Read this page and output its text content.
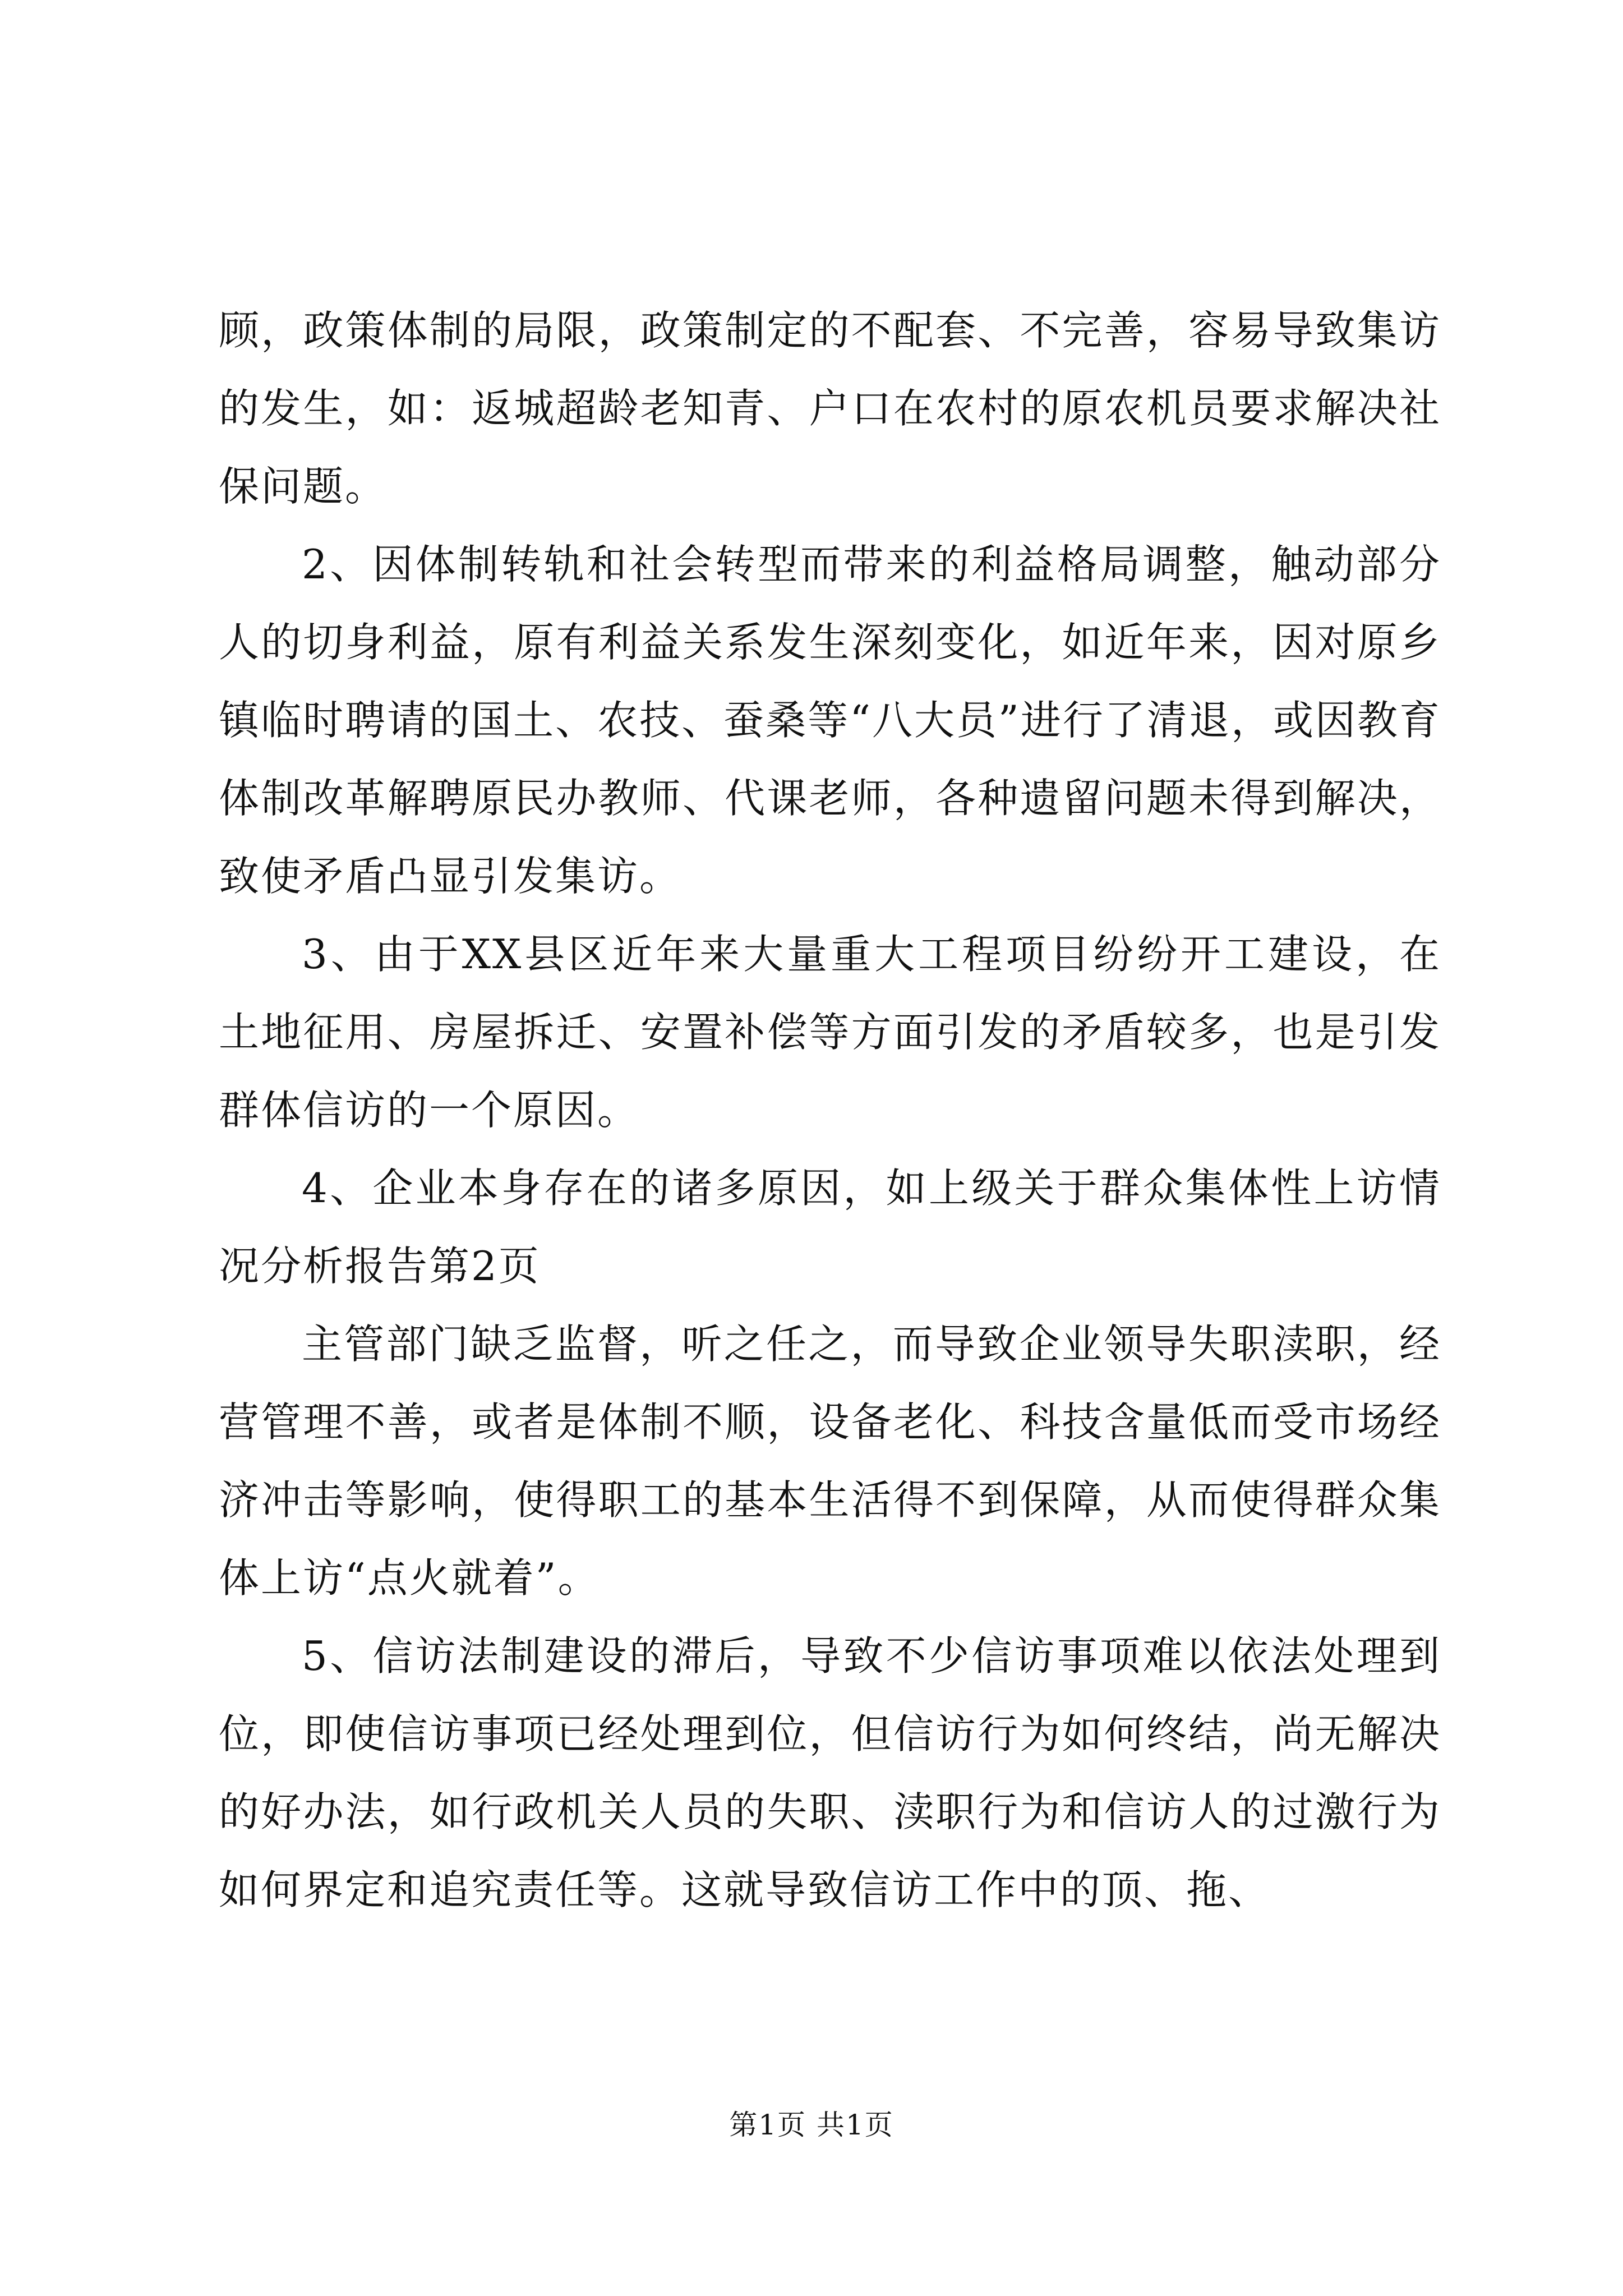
顾，政策体制的局限，政策制定的不配套、不完善，容易导致集访的发生，如：返城超龄老知青、户口在农村的原农机员要求解决社保问题。

2、因体制转轨和社会转型而带来的利益格局调整，触动部分人的切身利益，原有利益关系发生深刻变化，如近年来，因对原乡镇临时聘请的国土、农技、蚕桑等“八大员”进行了清退，或因教育体制改革解聘原民办教师、代课老师，各种遗留问题未得到解决，致使矛盾凸显引发集访。

3、由于XX县区近年来大量重大工程项目纷纷开工建设，在土地征用、房屋拆迁、安置补偿等方面引发的矛盾较多，也是引发群体信访的一个原因。

4、企业本身存在的诸多原因，如上级关于群众集体性上访情况分析报告第2页

主管部门缺乏监督，听之任之，而导致企业领导失职渎职，经营管理不善，或者是体制不顺，设备老化、科技含量低而受市场经济冲击等影响，使得职工的基本生活得不到保障，从而使得群众集体上访“点火就着”。

5、信访法制建设的滞后，导致不少信访事项难以依法处理到位，即使信访事项已经处理到位，但信访行为如何终结，尚无解决的好办法，如行政机关人员的失职、渎职行为和信访人的过激行为如何界定和追究责任等。这就导致信访工作中的顶、拖、

第1页 共1页
